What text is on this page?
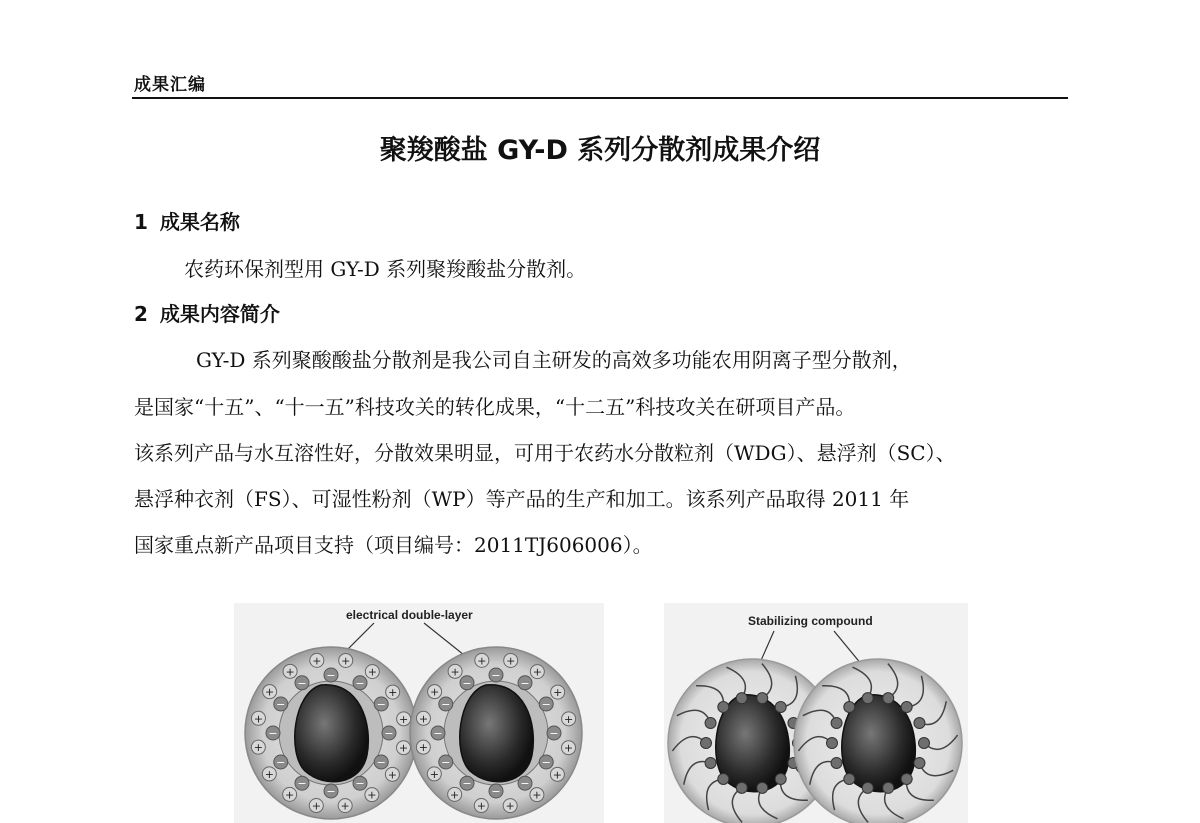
成果汇编
聚羧酸盐 GY-D 系列分散剂成果介绍
1 成果名称
农药环保剂型用 GY-D 系列聚羧酸盐分散剂。
2 成果内容简介
GY-D 系列聚酸酸盐分散剂是我公司自主研发的高效多功能农用阴离子型分散剂，
是国家“十五”、“十一五”科技攻关的转化成果，“十二五”科技攻关在研项目产品。
该系列产品与水互溶性好，分散效果明显，可用于农药水分散粒剂（WDG）、悬浮剂（SC）、
悬浮种衣剂（FS）、可湿性粉剂（WP）等产品的生产和加工。该系列产品取得 2011 年
国家重点新产品项目支持（项目编号：2011TJ606006）。
electrical double-layer
−
−
−
−
−
−
−
−
−
−
−
−
+
+
+
+
+
+
+
+
+
+
+
+ +
+
+
+
−
−
−
−
−
−
−
−
−
−
−
−
+
+
+
+
+
+
+
+
+
+
+
+ +
+
+
+
Stabilizing compound
